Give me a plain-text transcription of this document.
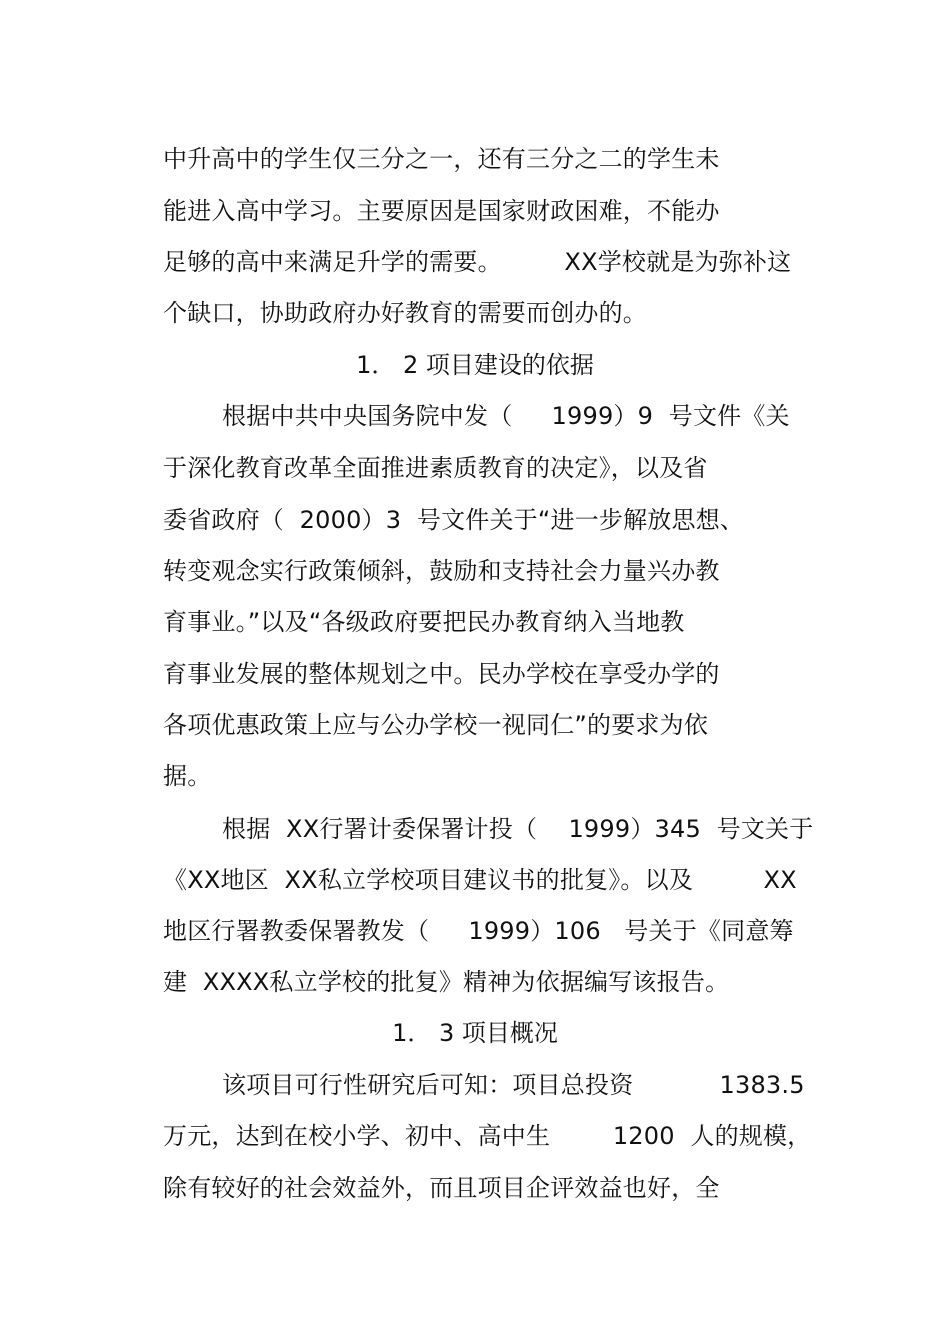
中升高中的学生仅三分之一，还有三分之二的学生未
能进入高中学习。主要原因是国家财政困难，不能办
足够的高中来满足升学的需要。        XX学校就是为弥补这
个缺口，协助政府办好教育的需要而创办的。
1． 2 项目建设的依据
根据中共中央国务院中发（     1999）9  号文件《关
于深化教育改革全面推进素质教育的决定》，以及省
委省政府（  2000）3  号文件关于“进一步解放思想、
转变观念实行政策倾斜，鼓励和支持社会力量兴办教
育事业。”以及“各级政府要把民办教育纳入当地教
育事业发展的整体规划之中。民办学校在享受办学的
各项优惠政策上应与公办学校一视同仁”的要求为依
据。
根据  XX行署计委保署计投（    1999）345  号文关于
《XX地区  XX私立学校项目建议书的批复》。以及         XX
地区行署教委保署教发（     1999）106   号关于《同意筹
建  XXXX私立学校的批复》精神为依据编写该报告。
1． 3 项目概况
该项目可行性研究后可知：项目总投资           1383.5
万元，达到在校小学、初中、高中生        1200  人的规模，
除有较好的社会效益外，而且项目企评效益也好，全
